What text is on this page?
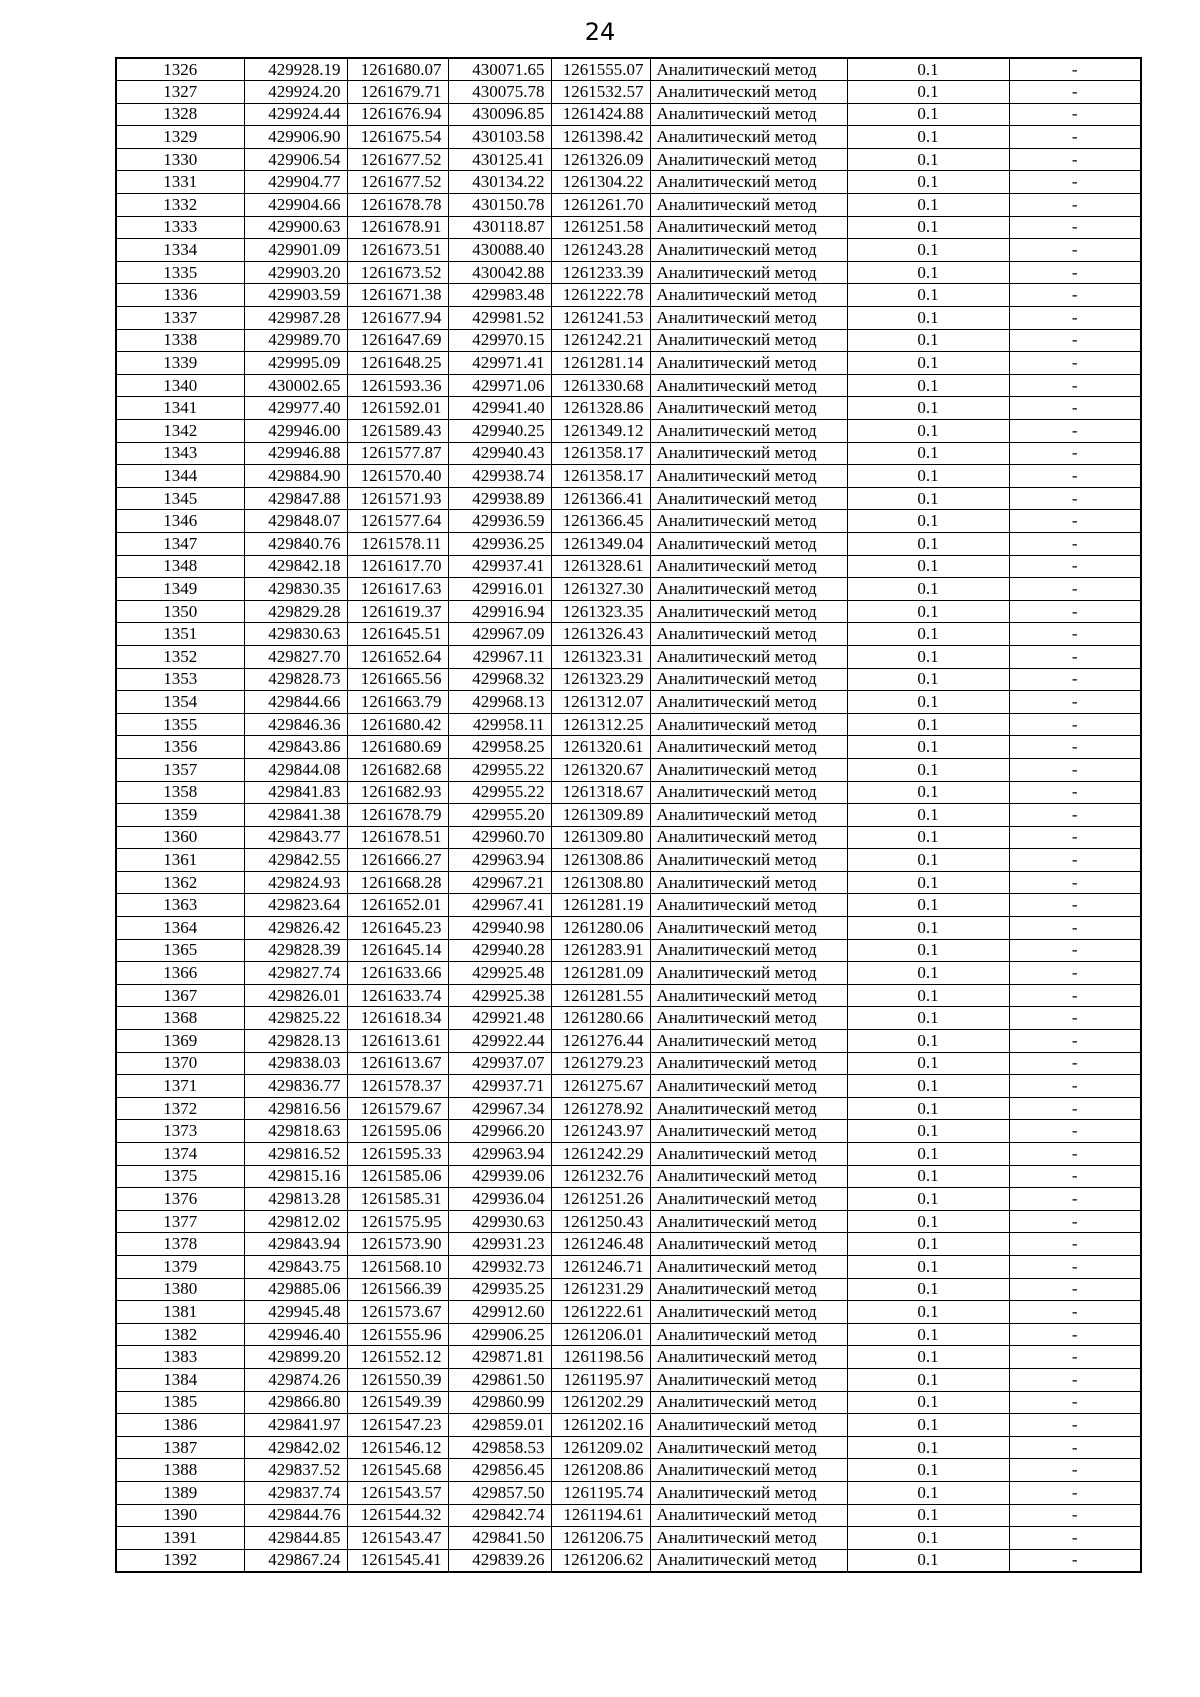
24
1326	429928.19	1261680.07	430071.65	1261555.07	Аналитический метод	0.1	-
1327	429924.20	1261679.71	430075.78	1261532.57	Аналитический метод	0.1	-
1328	429924.44	1261676.94	430096.85	1261424.88	Аналитический метод	0.1	-
1329	429906.90	1261675.54	430103.58	1261398.42	Аналитический метод	0.1	-
1330	429906.54	1261677.52	430125.41	1261326.09	Аналитический метод	0.1	-
1331	429904.77	1261677.52	430134.22	1261304.22	Аналитический метод	0.1	-
1332	429904.66	1261678.78	430150.78	1261261.70	Аналитический метод	0.1	-
1333	429900.63	1261678.91	430118.87	1261251.58	Аналитический метод	0.1	-
1334	429901.09	1261673.51	430088.40	1261243.28	Аналитический метод	0.1	-
1335	429903.20	1261673.52	430042.88	1261233.39	Аналитический метод	0.1	-
1336	429903.59	1261671.38	429983.48	1261222.78	Аналитический метод	0.1	-
1337	429987.28	1261677.94	429981.52	1261241.53	Аналитический метод	0.1	-
1338	429989.70	1261647.69	429970.15	1261242.21	Аналитический метод	0.1	-
1339	429995.09	1261648.25	429971.41	1261281.14	Аналитический метод	0.1	-
1340	430002.65	1261593.36	429971.06	1261330.68	Аналитический метод	0.1	-
1341	429977.40	1261592.01	429941.40	1261328.86	Аналитический метод	0.1	-
1342	429946.00	1261589.43	429940.25	1261349.12	Аналитический метод	0.1	-
1343	429946.88	1261577.87	429940.43	1261358.17	Аналитический метод	0.1	-
1344	429884.90	1261570.40	429938.74	1261358.17	Аналитический метод	0.1	-
1345	429847.88	1261571.93	429938.89	1261366.41	Аналитический метод	0.1	-
1346	429848.07	1261577.64	429936.59	1261366.45	Аналитический метод	0.1	-
1347	429840.76	1261578.11	429936.25	1261349.04	Аналитический метод	0.1	-
1348	429842.18	1261617.70	429937.41	1261328.61	Аналитический метод	0.1	-
1349	429830.35	1261617.63	429916.01	1261327.30	Аналитический метод	0.1	-
1350	429829.28	1261619.37	429916.94	1261323.35	Аналитический метод	0.1	-
1351	429830.63	1261645.51	429967.09	1261326.43	Аналитический метод	0.1	-
1352	429827.70	1261652.64	429967.11	1261323.31	Аналитический метод	0.1	-
1353	429828.73	1261665.56	429968.32	1261323.29	Аналитический метод	0.1	-
1354	429844.66	1261663.79	429968.13	1261312.07	Аналитический метод	0.1	-
1355	429846.36	1261680.42	429958.11	1261312.25	Аналитический метод	0.1	-
1356	429843.86	1261680.69	429958.25	1261320.61	Аналитический метод	0.1	-
1357	429844.08	1261682.68	429955.22	1261320.67	Аналитический метод	0.1	-
1358	429841.83	1261682.93	429955.22	1261318.67	Аналитический метод	0.1	-
1359	429841.38	1261678.79	429955.20	1261309.89	Аналитический метод	0.1	-
1360	429843.77	1261678.51	429960.70	1261309.80	Аналитический метод	0.1	-
1361	429842.55	1261666.27	429963.94	1261308.86	Аналитический метод	0.1	-
1362	429824.93	1261668.28	429967.21	1261308.80	Аналитический метод	0.1	-
1363	429823.64	1261652.01	429967.41	1261281.19	Аналитический метод	0.1	-
1364	429826.42	1261645.23	429940.98	1261280.06	Аналитический метод	0.1	-
1365	429828.39	1261645.14	429940.28	1261283.91	Аналитический метод	0.1	-
1366	429827.74	1261633.66	429925.48	1261281.09	Аналитический метод	0.1	-
1367	429826.01	1261633.74	429925.38	1261281.55	Аналитический метод	0.1	-
1368	429825.22	1261618.34	429921.48	1261280.66	Аналитический метод	0.1	-
1369	429828.13	1261613.61	429922.44	1261276.44	Аналитический метод	0.1	-
1370	429838.03	1261613.67	429937.07	1261279.23	Аналитический метод	0.1	-
1371	429836.77	1261578.37	429937.71	1261275.67	Аналитический метод	0.1	-
1372	429816.56	1261579.67	429967.34	1261278.92	Аналитический метод	0.1	-
1373	429818.63	1261595.06	429966.20	1261243.97	Аналитический метод	0.1	-
1374	429816.52	1261595.33	429963.94	1261242.29	Аналитический метод	0.1	-
1375	429815.16	1261585.06	429939.06	1261232.76	Аналитический метод	0.1	-
1376	429813.28	1261585.31	429936.04	1261251.26	Аналитический метод	0.1	-
1377	429812.02	1261575.95	429930.63	1261250.43	Аналитический метод	0.1	-
1378	429843.94	1261573.90	429931.23	1261246.48	Аналитический метод	0.1	-
1379	429843.75	1261568.10	429932.73	1261246.71	Аналитический метод	0.1	-
1380	429885.06	1261566.39	429935.25	1261231.29	Аналитический метод	0.1	-
1381	429945.48	1261573.67	429912.60	1261222.61	Аналитический метод	0.1	-
1382	429946.40	1261555.96	429906.25	1261206.01	Аналитический метод	0.1	-
1383	429899.20	1261552.12	429871.81	1261198.56	Аналитический метод	0.1	-
1384	429874.26	1261550.39	429861.50	1261195.97	Аналитический метод	0.1	-
1385	429866.80	1261549.39	429860.99	1261202.29	Аналитический метод	0.1	-
1386	429841.97	1261547.23	429859.01	1261202.16	Аналитический метод	0.1	-
1387	429842.02	1261546.12	429858.53	1261209.02	Аналитический метод	0.1	-
1388	429837.52	1261545.68	429856.45	1261208.86	Аналитический метод	0.1	-
1389	429837.74	1261543.57	429857.50	1261195.74	Аналитический метод	0.1	-
1390	429844.76	1261544.32	429842.74	1261194.61	Аналитический метод	0.1	-
1391	429844.85	1261543.47	429841.50	1261206.75	Аналитический метод	0.1	-
1392	429867.24	1261545.41	429839.26	1261206.62	Аналитический метод	0.1	-
